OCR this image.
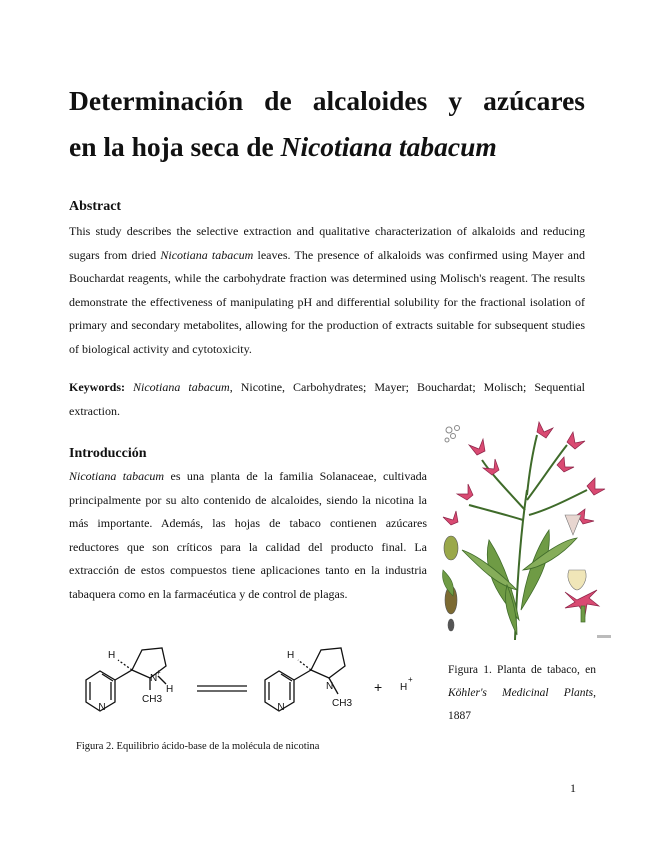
Determinación de alcaloides y azúcares
en la hoja seca de Nicotiana tabacum
Abstract

This study describes the selective extraction and qualitative characterization of alkaloids and reducing sugars from dried Nicotiana tabacum leaves. The presence of alkaloids was confirmed using Mayer and Bouchardat reagents, while the carbohydrate fraction was determined using Molisch's reagent. The results demonstrate the effectiveness of manipulating pH and differential solubility for the fractional isolation of primary and secondary metabolites, allowing for the production of extracts suitable for subsequent studies of biological activity and cytotoxicity.

Keywords: Nicotiana tabacum, Nicotine, Carbohydrates; Mayer; Bouchardat; Molisch; Sequential extraction.

Introducción

Nicotiana tabacum es una planta de la familia Solanaceae, cultivada principalmente por su alto contenido de alcaloides, siendo la nicotina la más importante. Además, las hojas de tabaco contienen azúcares reductores que son críticos para la calidad del producto final. La extracción de estos compuestos tiene aplicaciones tanto en la industria tabaquera como en la farmacéutica y de control de plagas.

Figura 1. Planta de tabaco, en
Köhler's Medicinal Plants, 1887

N
H
N
+
H
CH3
N
H
N
CH3
+ H
+

Figura 2. Equilibrio ácido-base de la molécula de nicotina

1
